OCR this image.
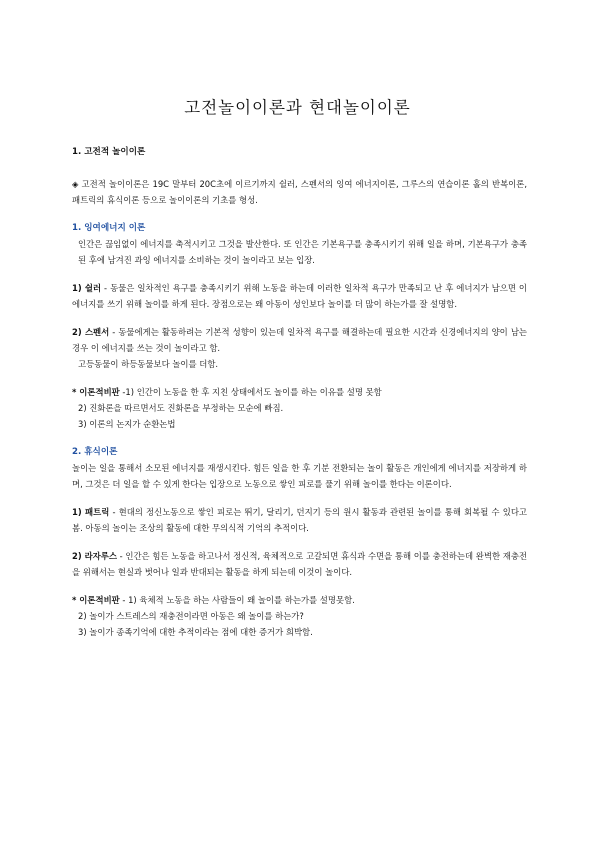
고전놀이이론과 현대놀이이론

1. 고전적 놀이이론

◈ 고전적 놀이이론은 19C 말부터 20C초에 이르기까지 쉴러, 스펜서의 잉여 에너지이론, 그루스의 연습이론 홀의 반복이론, 패트릭의 휴식이론 등으로 놀이이론의 기초를 형성.

1. 잉여에너지 이론

인간은 끊임없이 에너지를 축적시키고 그것을 발산한다. 또 인간은 기본욕구를 충족시키기 위해 일을 하며, 기본욕구가 충족된 후에 남겨진 과잉 에너지를 소비하는 것이 놀이라고 보는 입장.

1) 쉴러 - 동물은 일차적인 욕구를 충족시키기 위해 노동을 하는데 이러한 일차적 욕구가 만족되고 난 후 에너지가 남으면 이 에너지를 쓰기 위해 놀이를 하게 된다. 장점으로는 왜 아동이 성인보다 놀이를 더 많이 하는가를 잘 설명함.

2) 스펜서 - 동물에게는 활동하려는 기본적 성향이 있는데 일차적 욕구를 해결하는데 필요한 시간과 신경에너지의 양이 남는 경우 이 에너지를 쓰는 것이 놀이라고 함.

고등동물이 하등동물보다 놀이를 더함.

* 이론적비판 -1) 인간이 노동을 한 후 지친 상태에서도 놀이를 하는 이유를 설명 못함

2) 진화론을 따르면서도 진화론을 부정하는 모순에 빠짐.

3) 이론의 논지가 순환논법

2. 휴식이론

놀이는 일을 통해서 소모된 에너지를 재생시킨다. 힘든 일을 한 후 기분 전환되는 놀이 활동은 개인에게 에너지를 저장하게 하며, 그것은 더 일을 할 수 있게 한다는 입장으로 노동으로 쌓인 피로를 풀기 위해 놀이를 한다는 이론이다.

1) 패트릭 - 현대의 정신노동으로 쌓인 피로는 뛰기, 달리기, 던지기 등의 원시 활동과 관련된 놀이를 통해 회복될 수 있다고 봄. 아동의 놀이는 조상의 활동에 대한 무의식적 기억의 추적이다.

2) 라자루스 - 인간은 힘든 노동을 하고나서 정신적, 육체적으로 고갈되면 휴식과 수면을 통해 이를 충전하는데 완벽한 재충전을 위해서는 현실과 벗어나 일과 반대되는 활동을 하게 되는데 이것이 놀이다.

* 이론적비판 - 1) 육체적 노동을 하는 사람들이 왜 놀이를 하는가를 설명못함.

2) 놀이가 스트레스의 재충전이라면 아동은 왜 놀이를 하는가?

3) 놀이가 종족기억에 대한 추적이라는 점에 대한 증거가 희박함.
